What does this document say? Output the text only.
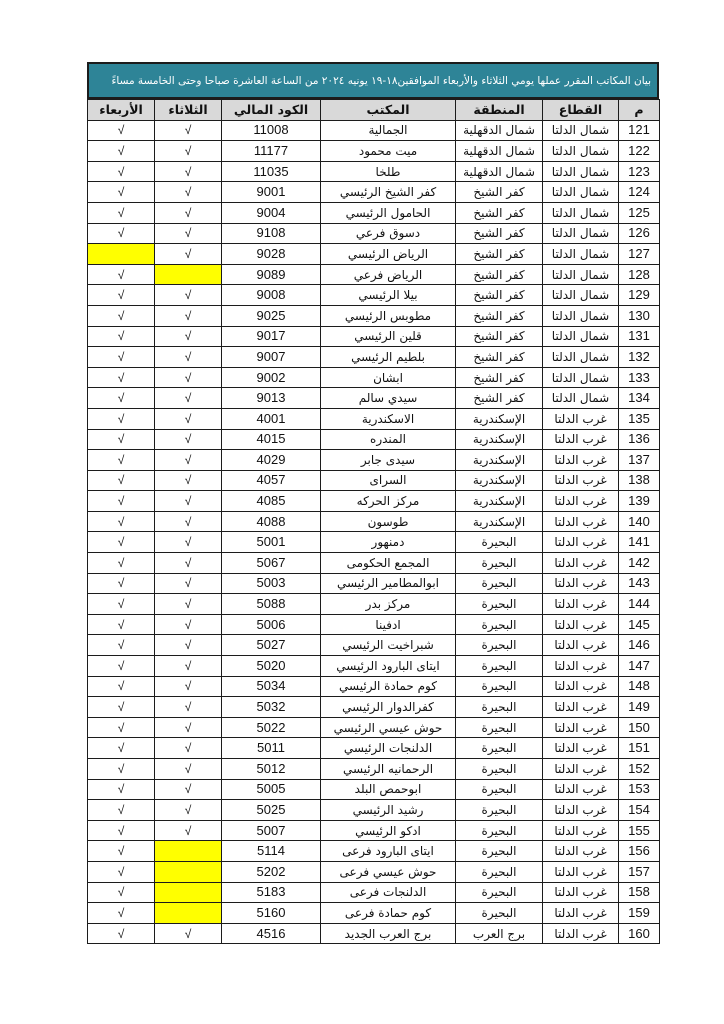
بيان المكاتب المقرر عملها يومي الثلاثاء والأربعاء الموافقين١٨-١٩ يونيه ٢٠٢٤ من الساعة العاشرة صباحا وحتى الخامسة مساءً
الأربعاء	الثلاثاء	الكود المالي	المكتب	المنطقة	القطاع	م
√	√	11008	الجمالية	شمال الدقهلية	شمال الدلتا	121
√	√	11177	ميت محمود	شمال الدقهلية	شمال الدلتا	122
√	√	11035	طلخا	شمال الدقهلية	شمال الدلتا	123
√	√	9001	كفر الشيخ الرئيسي	كفر الشيخ	شمال الدلتا	124
√	√	9004	الحامول الرئيسي	كفر الشيخ	شمال الدلتا	125
√	√	9108	دسوق فرعي	كفر الشيخ	شمال الدلتا	126
	√	9028	الرياض الرئيسي	كفر الشيخ	شمال الدلتا	127
√		9089	الرياض فرعي	كفر الشيخ	شمال الدلتا	128
√	√	9008	بيلا الرئيسي	كفر الشيخ	شمال الدلتا	129
√	√	9025	مطوبس الرئيسي	كفر الشيخ	شمال الدلتا	130
√	√	9017	قلين الرئيسي	كفر الشيخ	شمال الدلتا	131
√	√	9007	بلطيم الرئيسي	كفر الشيخ	شمال الدلتا	132
√	√	9002	ابشان	كفر الشيخ	شمال الدلتا	133
√	√	9013	سيدي سالم	كفر الشيخ	شمال الدلتا	134
√	√	4001	الاسكندرية	الإسكندرية	غرب الدلتا	135
√	√	4015	المندره	الإسكندرية	غرب الدلتا	136
√	√	4029	سيدى جابر	الإسكندرية	غرب الدلتا	137
√	√	4057	السراى	الإسكندرية	غرب الدلتا	138
√	√	4085	مركز الحركه	الإسكندرية	غرب الدلتا	139
√	√	4088	طوسون	الإسكندرية	غرب الدلتا	140
√	√	5001	دمنهور	البحيرة	غرب الدلتا	141
√	√	5067	المجمع الحكومى	البحيرة	غرب الدلتا	142
√	√	5003	ابوالمطامير الرئيسي	البحيرة	غرب الدلتا	143
√	√	5088	مركز بدر	البحيرة	غرب الدلتا	144
√	√	5006	ادفينا	البحيرة	غرب الدلتا	145
√	√	5027	شبراخيت الرئيسي	البحيرة	غرب الدلتا	146
√	√	5020	ايتاى البارود الرئيسي	البحيرة	غرب الدلتا	147
√	√	5034	كوم حمادة الرئيسي	البحيرة	غرب الدلتا	148
√	√	5032	كفرالدوار الرئيسي	البحيرة	غرب الدلتا	149
√	√	5022	حوش عيسي الرئيسي	البحيرة	غرب الدلتا	150
√	√	5011	الدلنجات الرئيسي	البحيرة	غرب الدلتا	151
√	√	5012	الرحمانيه الرئيسي	البحيرة	غرب الدلتا	152
√	√	5005	ابوحمص البلد	البحيرة	غرب الدلتا	153
√	√	5025	رشيد الرئيسي	البحيرة	غرب الدلتا	154
√	√	5007	ادكو الرئيسي	البحيرة	غرب الدلتا	155
√		5114	ايتاى البارود فرعى	البحيرة	غرب الدلتا	156
√		5202	حوش عيسي فرعى	البحيرة	غرب الدلتا	157
√		5183	الدلنجات فرعى	البحيرة	غرب الدلتا	158
√		5160	كوم حمادة فرعى	البحيرة	غرب الدلتا	159
√	√	4516	برج العرب الجديد	برج العرب	غرب الدلتا	160
